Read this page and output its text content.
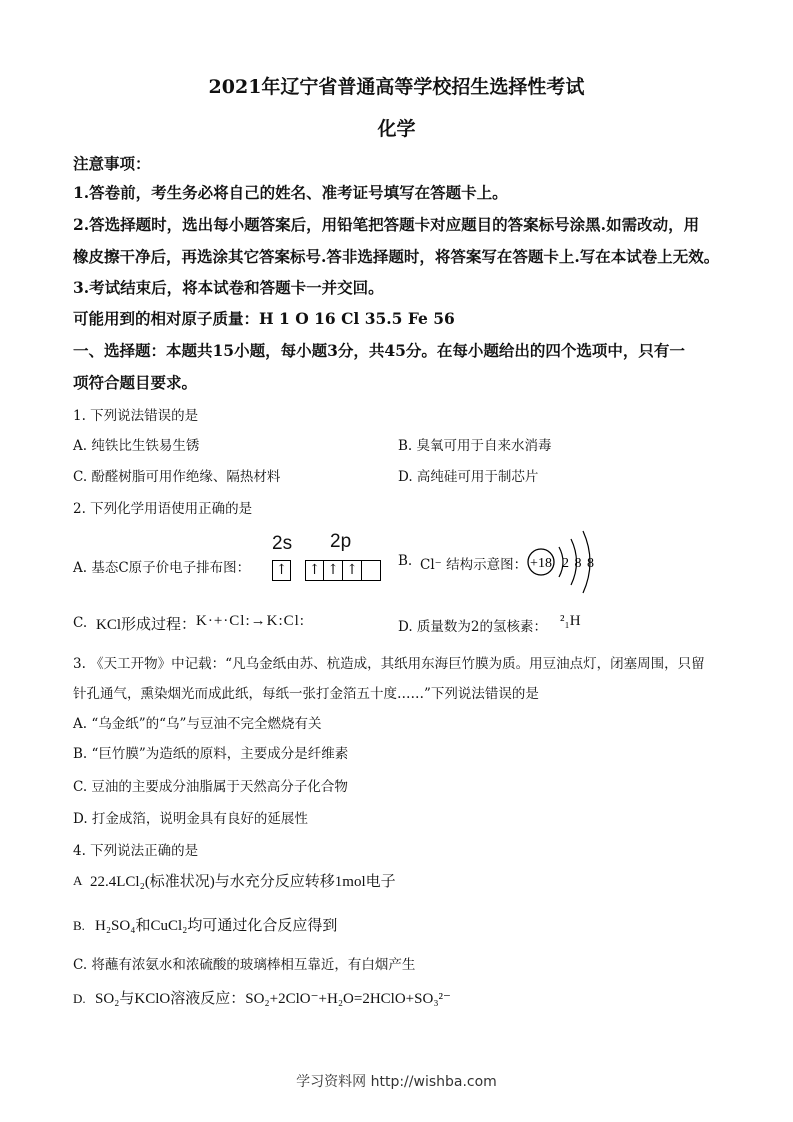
2021年辽宁省普通高等学校招生选择性考试
化学
注意事项：
1.答卷前，考生务必将自己的姓名、准考证号填写在答题卡上。
2.答选择题时，选出每小题答案后，用铅笔把答题卡对应题目的答案标号涂黑.如需改动，用
橡皮擦干净后，再选涂其它答案标号.答非选择题时，将答案写在答题卡上.写在本试卷上无效。
3.考试结束后，将本试卷和答题卡一并交回。
可能用到的相对原子质量：H 1 O 16 Cl 35.5 Fe 56
一、选择题：本题共15小题，每小题3分，共45分。在每小题给出的四个选项中，只有一
项符合题目要求。
1. 下列说法错误的是
A. 纯铁比生铁易生锈	B. 臭氧可用于自来水消毒
C. 酚醛树脂可用作绝缘、隔热材料	D. 高纯硅可用于制芯片
2. 下列化学用语使用正确的是
A. 基态C原子价电子排布图：
2s 2p
↑ ↑ ↑ ↑
B. Cl⁻ 结构示意图： +18 2 8 8
C. KCl形成过程： K·+·Cl:→K:Cl:	D. 质量数为2的氢核素： ²₁H
3. 《天工开物》中记载：“凡乌金纸由苏、杭造成，其纸用东海巨竹膜为质。用豆油点灯，闭塞周围，只留
针孔通气，熏染烟光而成此纸，每纸一张打金箔五十度……”下列说法错误的是
A. “乌金纸”的“乌”与豆油不完全燃烧有关
B. “巨竹膜”为造纸的原料，主要成分是纤维素
C. 豆油的主要成分油脂属于天然高分子化合物
D. 打金成箔，说明金具有良好的延展性
4. 下列说法正确的是
A 22.4LCl₂(标准状况)与水充分反应转移1mol电子
B. H₂SO₄和CuCl₂均可通过化合反应得到
C. 将蘸有浓氨水和浓硫酸的玻璃棒相互靠近，有白烟产生
D. SO₂与KClO溶液反应：SO₂+2ClO⁻+H₂O=2HClO+SO₃²⁻
学习资料网 http://wishba.com
